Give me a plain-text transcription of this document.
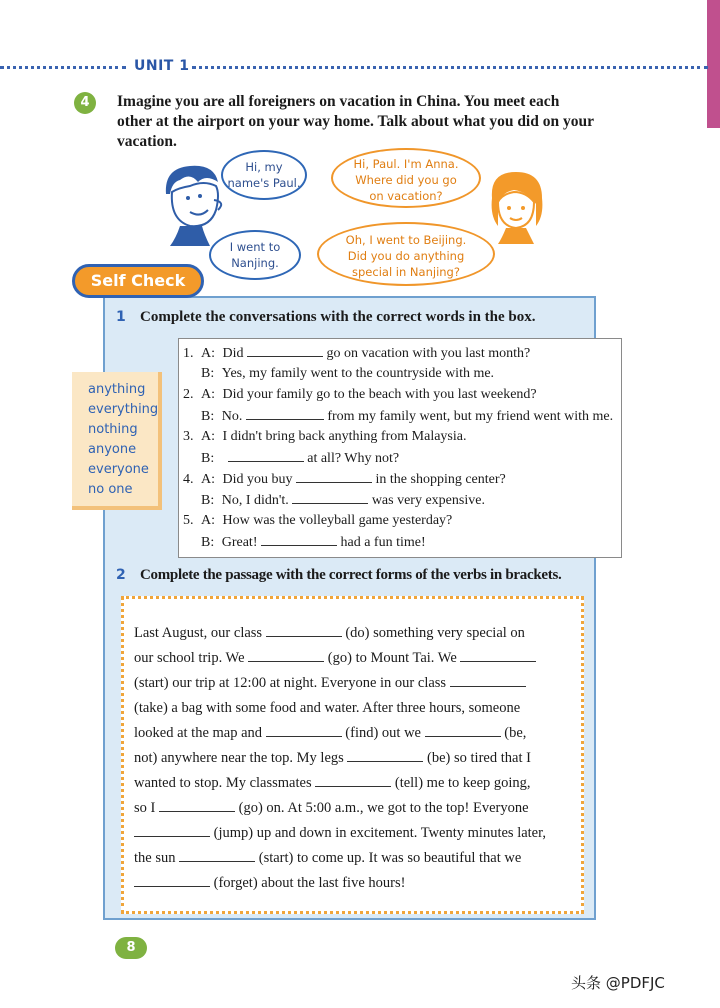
UNIT 1
4	Imagine you are all foreigners on vacation in China. You meet each other at the airport on your way home. Talk about what you did on your vacation.
Hi, my name's Paul.
Hi, Paul. I'm Anna. Where did you go on vacation?
I went to Nanjing.
Oh, I went to Beijing. Did you do anything special in Nanjing?
Self Check
1 Complete the conversations with the correct words in the box.
anything
everything
nothing
anyone
everyone
no one
1. A: Did	go on vacation with you last month?
B: Yes, my family went to the countryside with me.
2. A: Did your family go to the beach with you last weekend?
B: No.	from my family went, but my friend went with me.
3. A: I didn't bring back anything from Malaysia.
B:	at all? Why not?
4. A: Did you buy	in the shopping center?
B: No, I didn't.	was very expensive.
5. A: How was the volleyball game yesterday?
B: Great!	had a fun time!
2 Complete the passage with the correct forms of the verbs in brackets.
Last August, our class	(do) something very special on
our school trip. We	(go) to Mount Tai. We
(start) our trip at 12:00 at night. Everyone in our class
(take) a bag with some food and water. After three hours, someone
looked at the map and	(find) out we	(be,
not) anywhere near the top. My legs	(be) so tired that I
wanted to stop. My classmates	(tell) me to keep going,
so I	(go) on. At 5:00 a.m., we got to the top! Everyone
(jump) up and down in excitement. Twenty minutes later,
the sun	(start) to come up. It was so beautiful that we
(forget) about the last five hours!
8
头条 @PDFJC
